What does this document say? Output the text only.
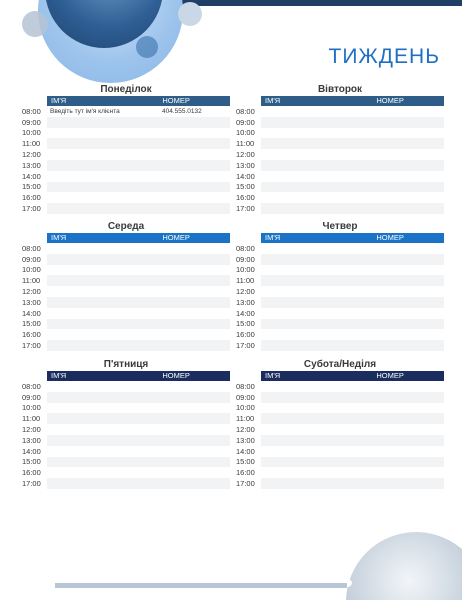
ТИЖДЕНЬ
Понеділок
ІМ'Я	НОМЕР
08:00	Введіть тут ім'я клієнта	404.555.0132
09:00
10:00
11:00
12:00
13:00
14:00
15:00
16:00
17:00
Вівторок
ІМ'Я	НОМЕР
08:00
09:00
10:00
11:00
12:00
13:00
14:00
15:00
16:00
17:00
Середа
ІМ'Я	НОМЕР
08:00
09:00
10:00
11:00
12:00
13:00
14:00
15:00
16:00
17:00
Четвер
ІМ'Я	НОМЕР
08:00
09:00
10:00
11:00
12:00
13:00
14:00
15:00
16:00
17:00
П'ятниця
ІМ'Я	НОМЕР
08:00
09:00
10:00
11:00
12:00
13:00
14:00
15:00
16:00
17:00
Субота/Неділя
ІМ'Я	НОМЕР
08:00
09:00
10:00
11:00
12:00
13:00
14:00
15:00
16:00
17:00
